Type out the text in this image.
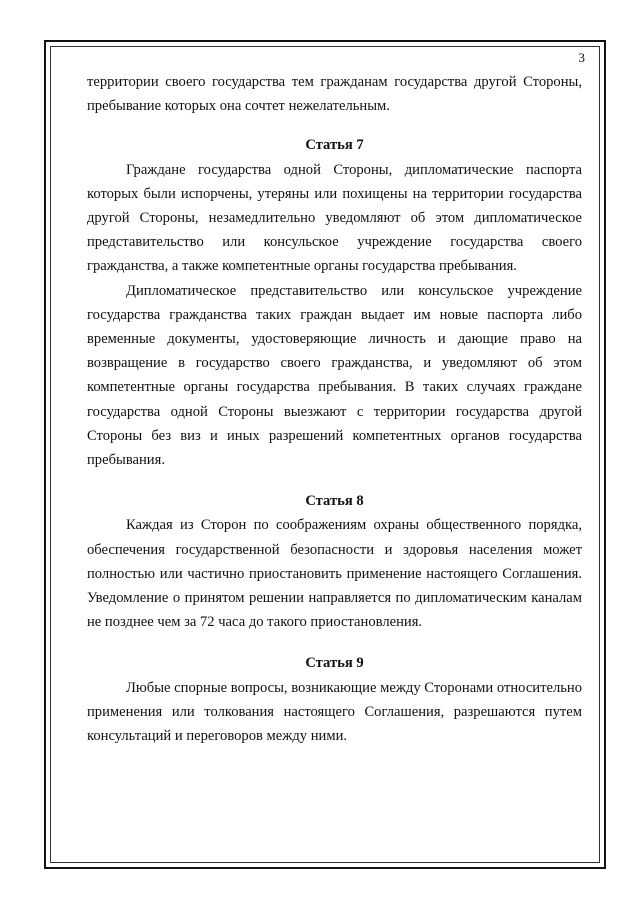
3

территории своего государства тем гражданам государства другой Стороны, пребывание которых она сочтет нежелательным.

Статья 7

Граждане государства одной Стороны, дипломатические паспорта которых были испорчены, утеряны или похищены на территории государства другой Стороны, незамедлительно уведомляют об этом дипломатическое представительство или консульское учреждение государства своего гражданства, а также компетентные органы государства пребывания.

Дипломатическое представительство или консульское учреждение государства гражданства таких граждан выдает им новые паспорта либо временные документы, удостоверяющие личность и дающие право на возвращение в государство своего гражданства, и уведомляют об этом компетентные органы государства пребывания. В таких случаях граждане государства одной Стороны выезжают с территории государства другой Стороны без виз и иных разрешений компетентных органов государства пребывания.

Статья 8

Каждая из Сторон по соображениям охраны общественного порядка, обеспечения государственной безопасности и здоровья населения может полностью или частично приостановить применение настоящего Соглашения. Уведомление о принятом решении направляется по дипломатическим каналам не позднее чем за 72 часа до такого приостановления.

Статья 9

Любые спорные вопросы, возникающие между Сторонами относительно применения или толкования настоящего Соглашения, разрешаются путем консультаций и переговоров между ними.
